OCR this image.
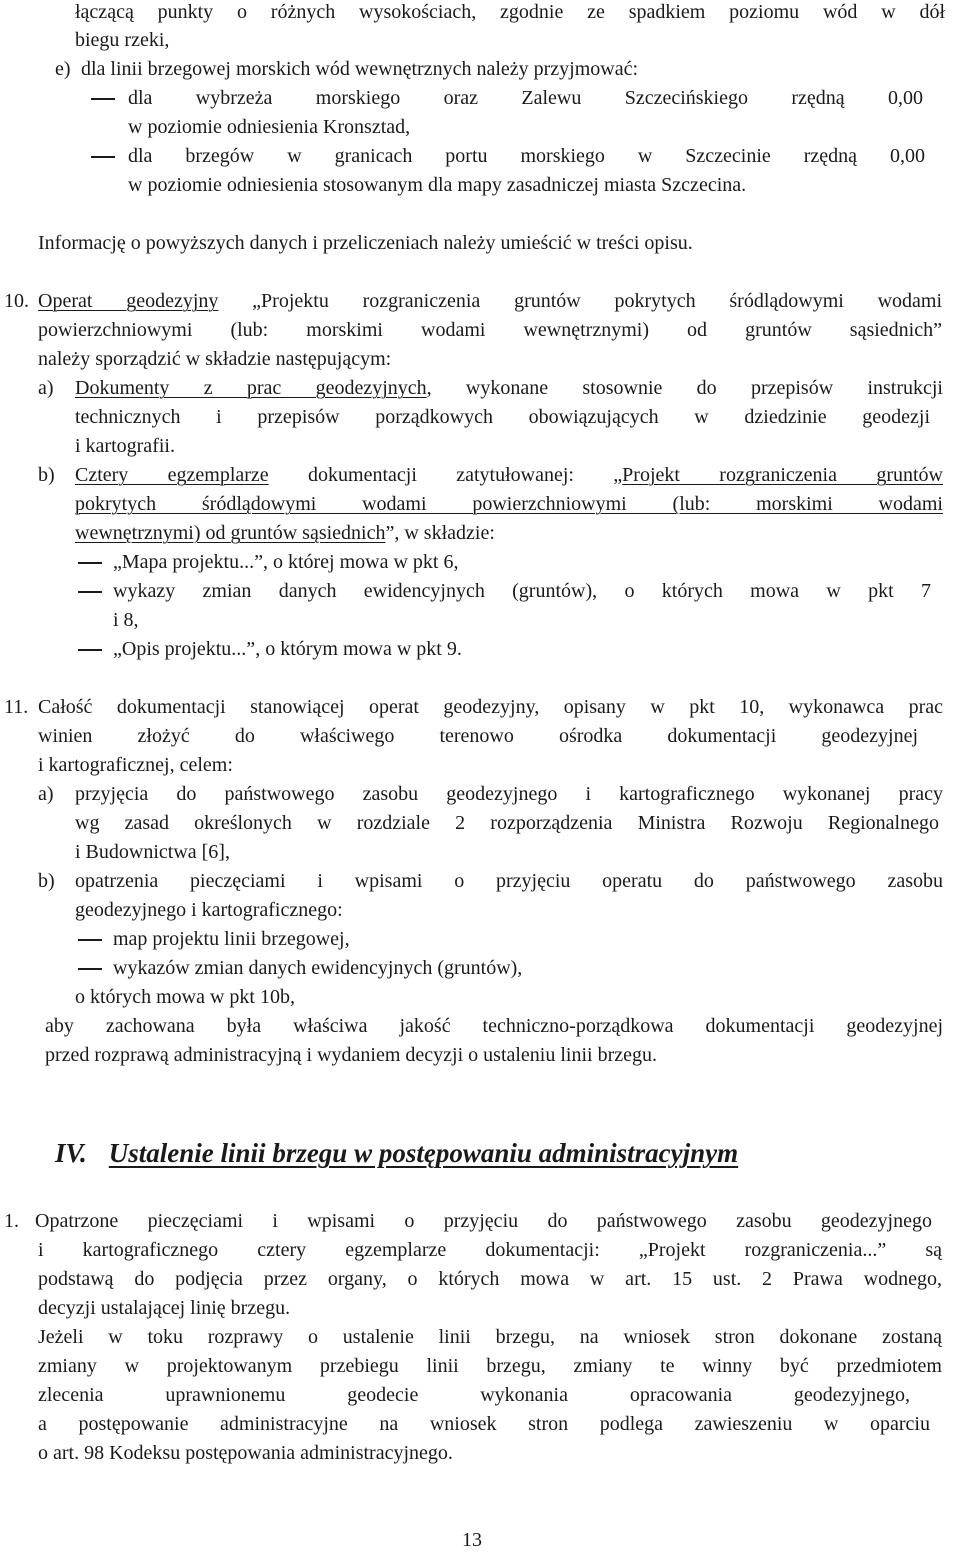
łączącą punkty o różnych wysokościach, zgodnie ze spadkiem poziomu wód w dół
biegu rzeki,
e) dla linii brzegowej morskich wód wewnętrznych należy przyjmować:
dla wybrzeża morskiego oraz Zalewu Szczecińskiego rzędną 0,00
w poziomie odniesienia Kronsztad,
dla brzegów w granicach portu morskiego w Szczecinie rzędną 0,00
w poziomie odniesienia stosowanym dla mapy zasadniczej miasta Szczecina.
Informację o powyższych danych i przeliczeniach należy umieścić w treści opisu.
10. Operat geodezyjny „Projektu rozgraniczenia gruntów pokrytych śródlądowymi wodami
powierzchniowymi (lub: morskimi wodami wewnętrznymi) od gruntów sąsiednich”
należy sporządzić w składzie następującym:
a) Dokumenty z prac geodezyjnych, wykonane stosownie do przepisów instrukcji
technicznych i przepisów porządkowych obowiązujących w dziedzinie geodezji
i kartografii.
b) Cztery egzemplarze dokumentacji zatytułowanej: „Projekt rozgraniczenia gruntów
pokrytych śródlądowymi wodami powierzchniowymi (lub: morskimi wodami
wewnętrznymi) od gruntów sąsiednich”, w składzie:
„Mapa projektu...”, o której mowa w pkt 6,
wykazy zmian danych ewidencyjnych (gruntów), o których mowa w pkt 7
i 8,
„Opis projektu...”, o którym mowa w pkt 9.
11. Całość dokumentacji stanowiącej operat geodezyjny, opisany w pkt 10, wykonawca prac
winien złożyć do właściwego terenowo ośrodka dokumentacji geodezyjnej
i kartograficznej, celem:
a) przyjęcia do państwowego zasobu geodezyjnego i kartograficznego wykonanej pracy
wg zasad określonych w rozdziale 2 rozporządzenia Ministra Rozwoju Regionalnego
i Budownictwa [6],
b) opatrzenia pieczęciami i wpisami o przyjęciu operatu do państwowego zasobu
geodezyjnego i kartograficznego:
map projektu linii brzegowej,
wykazów zmian danych ewidencyjnych (gruntów),
o których mowa w pkt 10b,
aby zachowana była właściwa jakość techniczno-porządkowa dokumentacji geodezyjnej
przed rozprawą administracyjną i wydaniem decyzji o ustaleniu linii brzegu.
IV. Ustalenie linii brzegu w postępowaniu administracyjnym
1. Opatrzone pieczęciami i wpisami o przyjęciu do państwowego zasobu geodezyjnego
i kartograficznego cztery egzemplarze dokumentacji: „Projekt rozgraniczenia...” są
podstawą do podjęcia przez organy, o których mowa w art. 15 ust. 2 Prawa wodnego,
decyzji ustalającej linię brzegu.
Jeżeli w toku rozprawy o ustalenie linii brzegu, na wniosek stron dokonane zostaną
zmiany w projektowanym przebiegu linii brzegu, zmiany te winny być przedmiotem
zlecenia uprawnionemu geodecie wykonania opracowania geodezyjnego,
a postępowanie administracyjne na wniosek stron podlega zawieszeniu w oparciu
o art. 98 Kodeksu postępowania administracyjnego.
13
